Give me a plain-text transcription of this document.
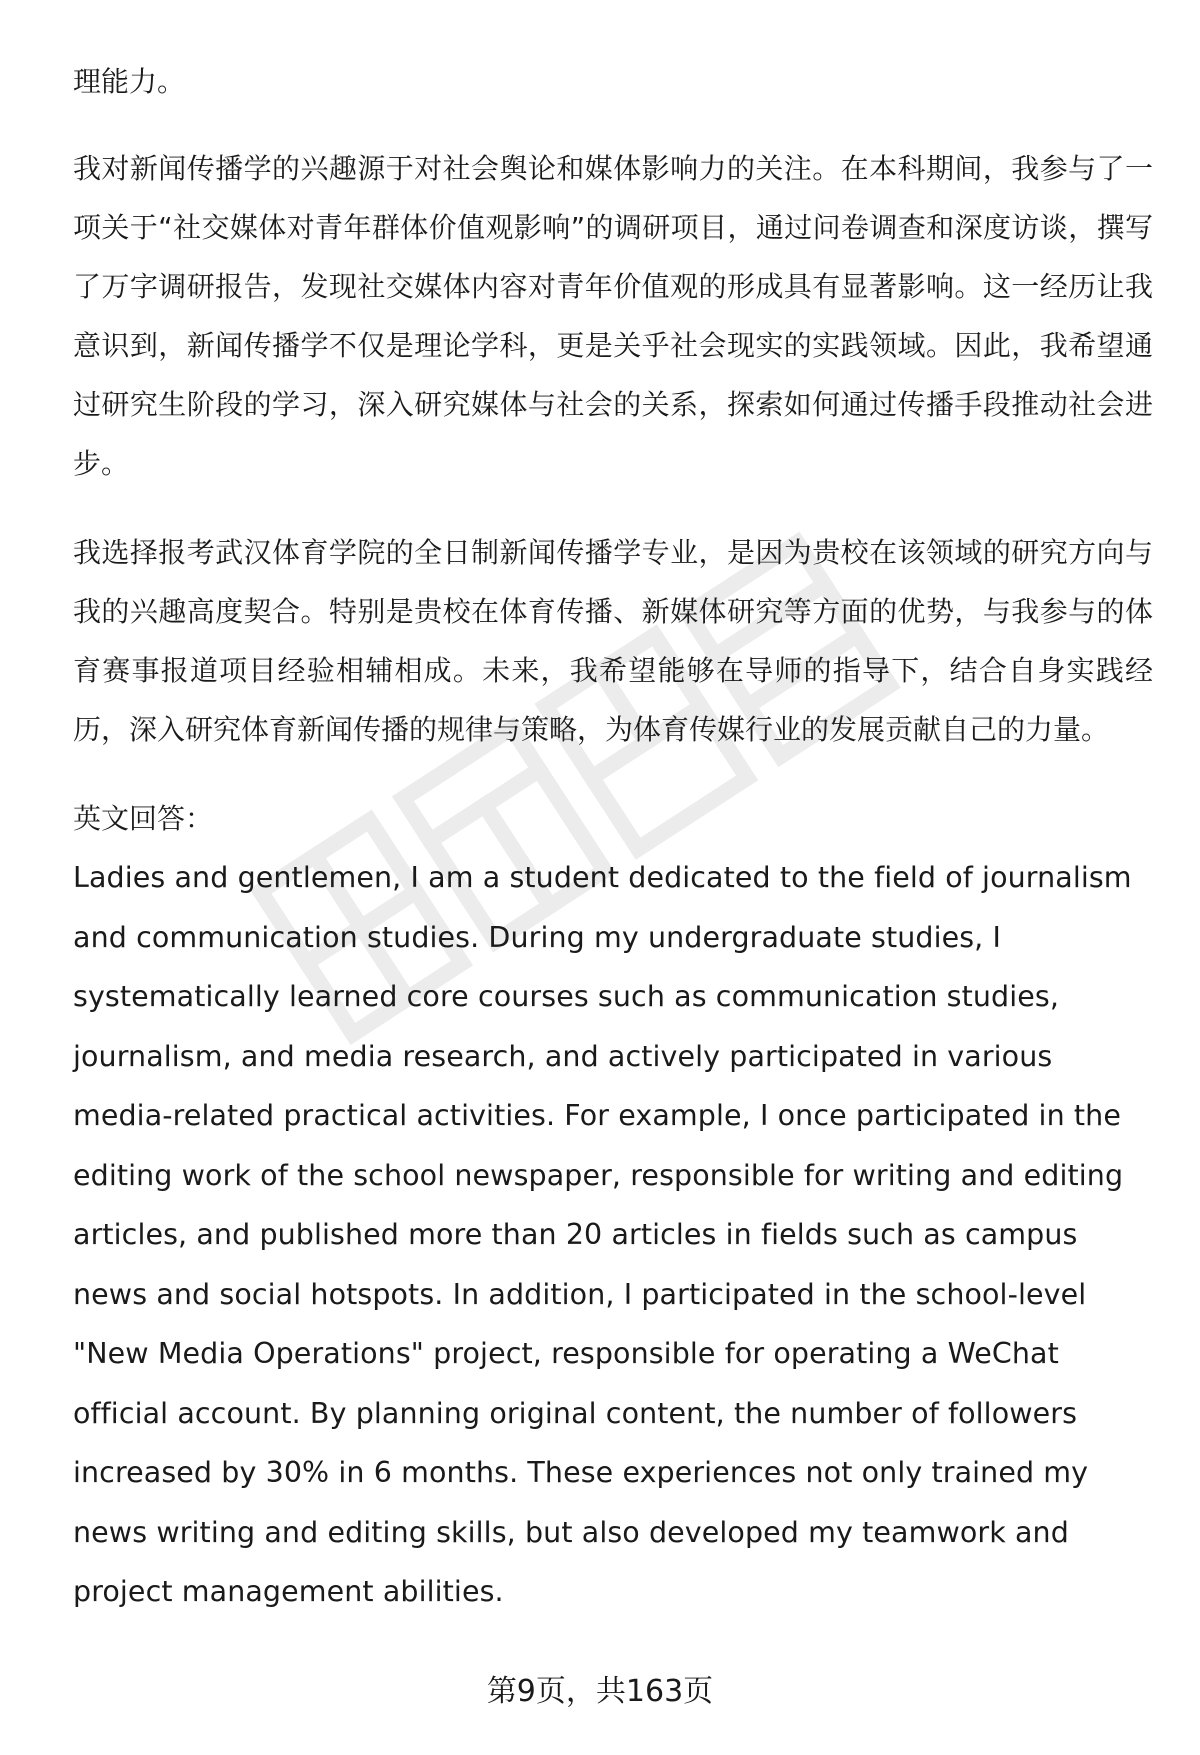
理能力。

我对新闻传播学的兴趣源于对社会舆论和媒体影响力的关注。在本科期间，我参与了一项关于“社交媒体对青年群体价值观影响”的调研项目，通过问卷调查和深度访谈，撰写了万字调研报告，发现社交媒体内容对青年价值观的形成具有显著影响。这一经历让我意识到，新闻传播学不仅是理论学科，更是关乎社会现实的实践领域。因此，我希望通过研究生阶段的学习，深入研究媒体与社会的关系，探索如何通过传播手段推动社会进步。

我选择报考武汉体育学院的全日制新闻传播学专业，是因为贵校在该领域的研究方向与我的兴趣高度契合。特别是贵校在体育传播、新媒体研究等方面的优势，与我参与的体育赛事报道项目经验相辅相成。未来，我希望能够在导师的指导下，结合自身实践经历，深入研究体育新闻传播的规律与策略，为体育传媒行业的发展贡献自己的力量。

英文回答：

Ladies and gentlemen, I am a student dedicated to the field of journalism and communication studies. During my undergraduate studies, I systematically learned core courses such as communication studies, journalism, and media research, and actively participated in various media-related practical activities. For example, I once participated in the editing work of the school newspaper, responsible for writing and editing articles, and published more than 20 articles in fields such as campus news and social hotspots. In addition, I participated in the school-level "New Media Operations" project, responsible for operating a WeChat official account. By planning original content, the number of followers increased by 30% in 6 months. These experiences not only trained my news writing and editing skills, but also developed my teamwork and project management abilities.

第9页，共163页
